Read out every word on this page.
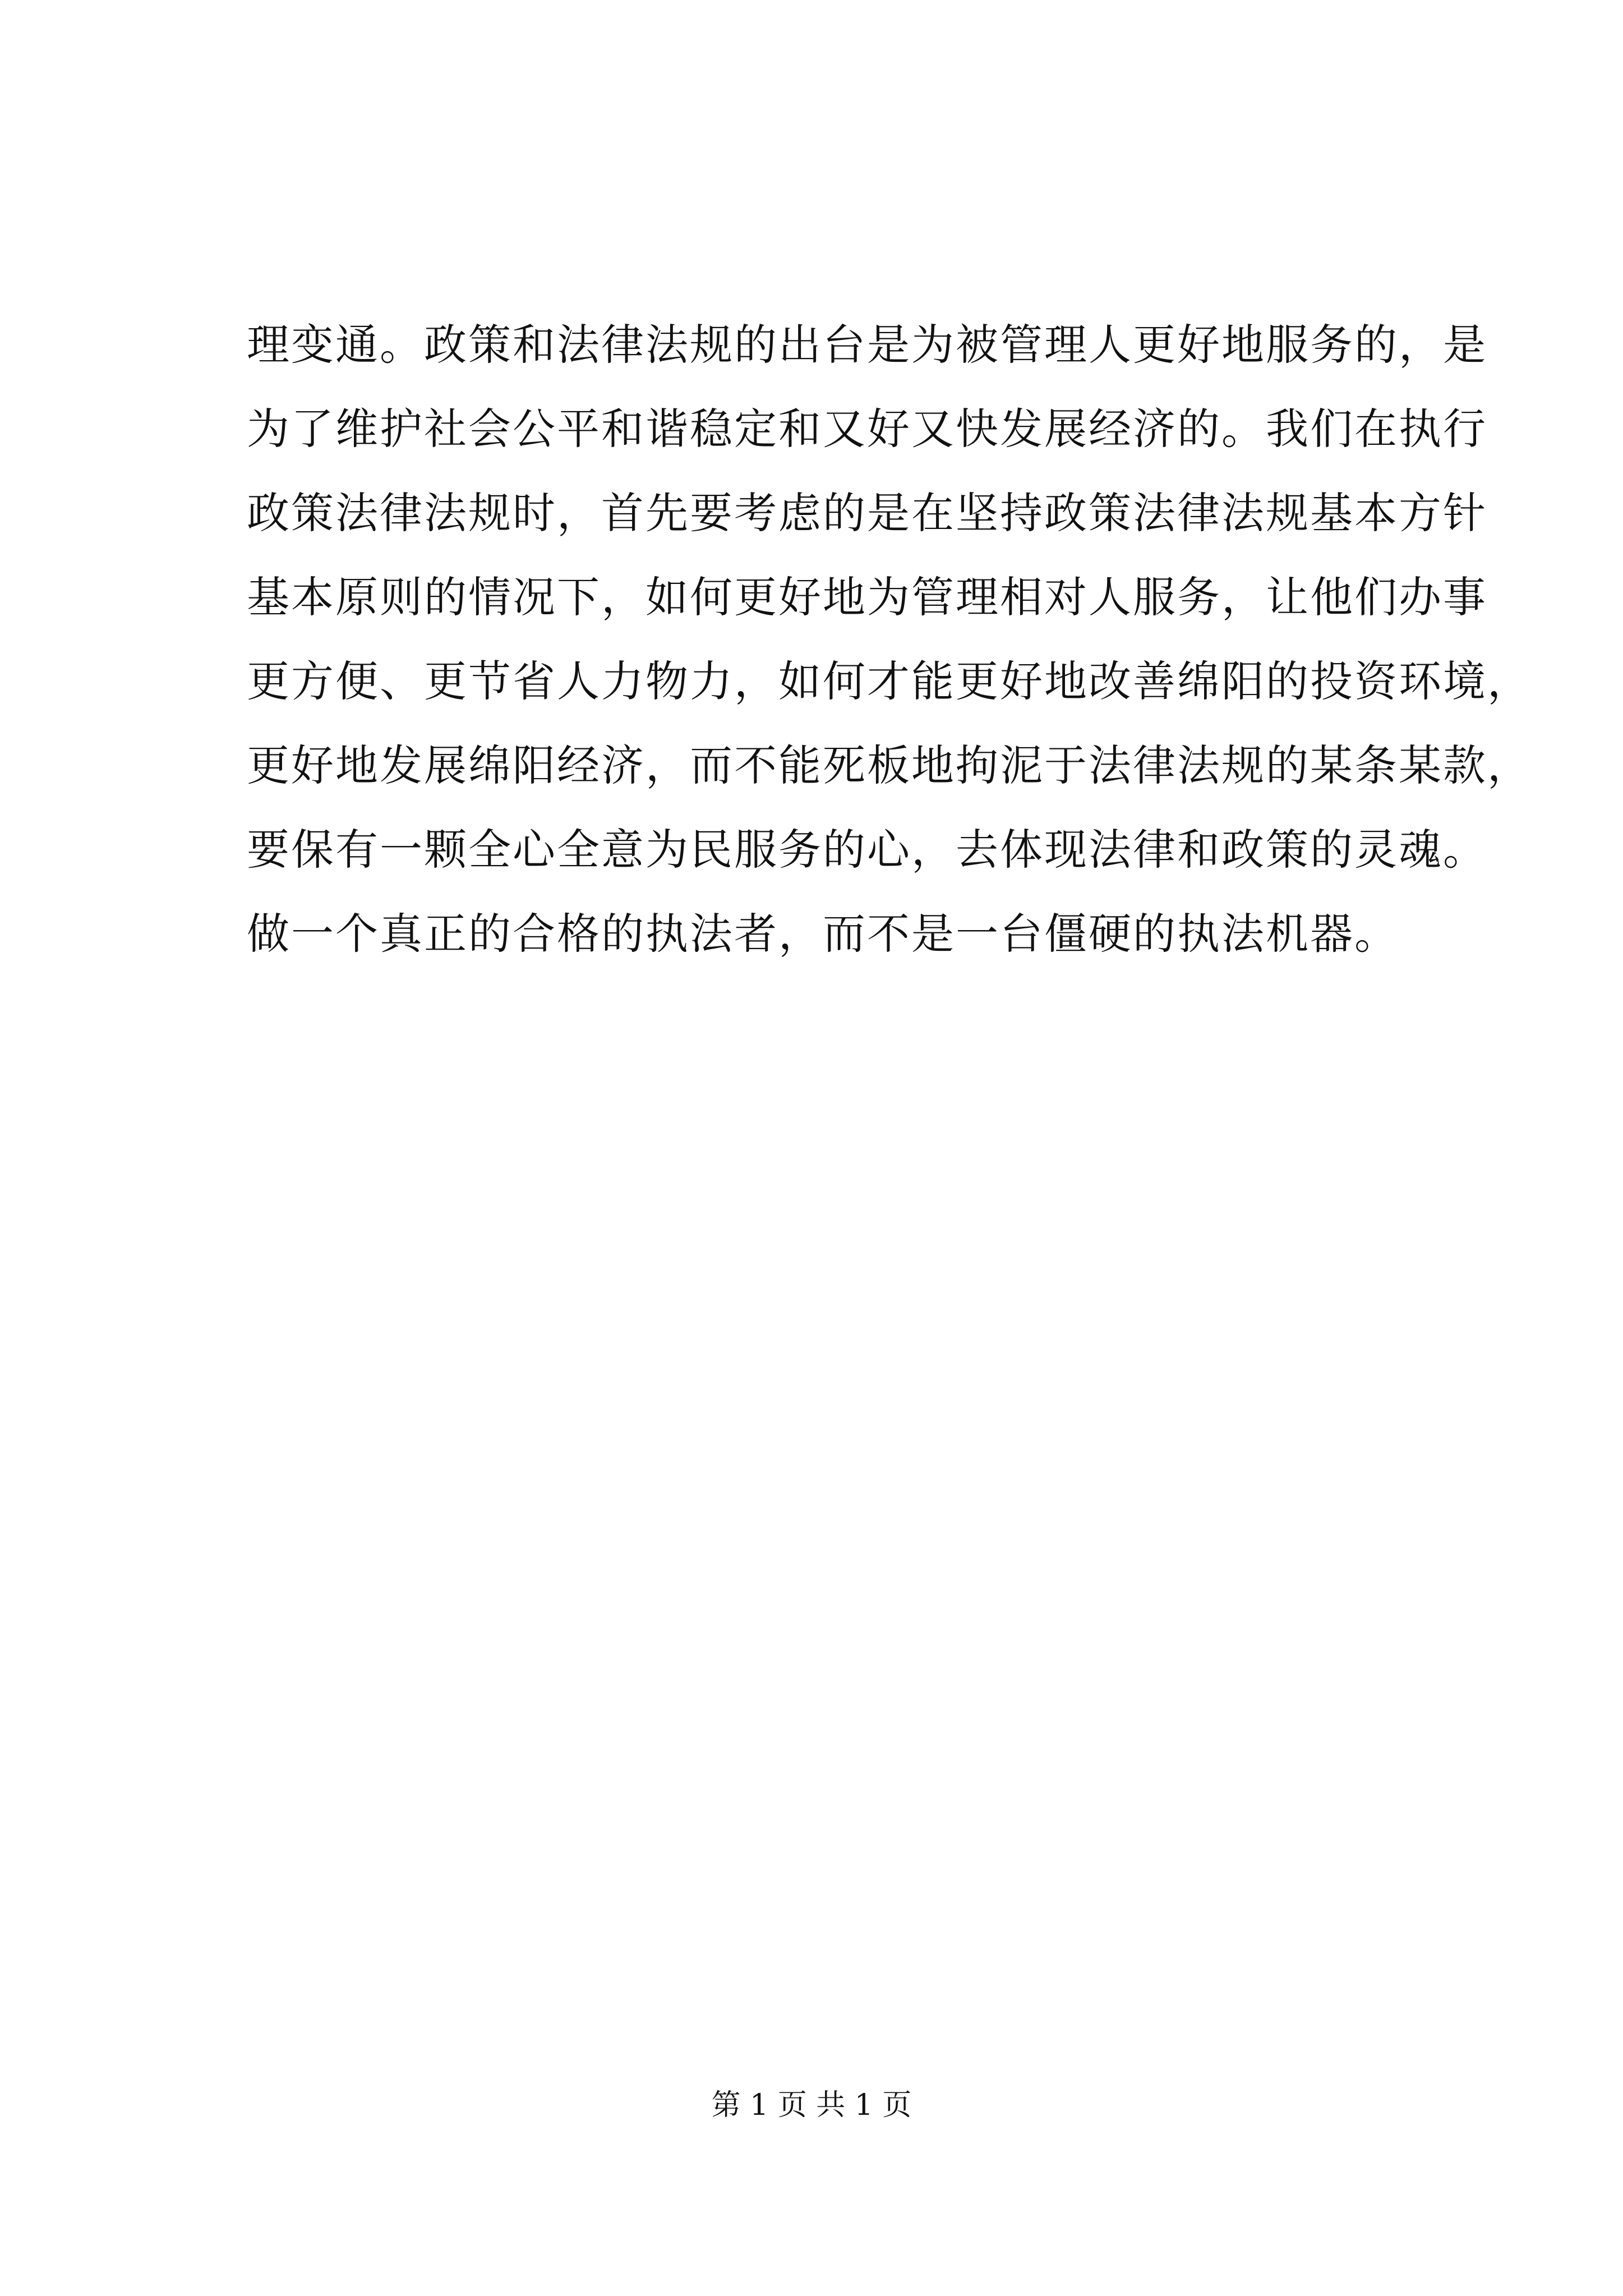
理变通。政策和法律法规的出台是为被管理人更好地服务的，是
为了维护社会公平和谐稳定和又好又快发展经济的。我们在执行
政策法律法规时，首先要考虑的是在坚持政策法律法规基本方针
基本原则的情况下，如何更好地为管理相对人服务，让他们办事
更方便、更节省人力物力，如何才能更好地改善绵阳的投资环境，
更好地发展绵阳经济，而不能死板地拘泥于法律法规的某条某款，
要保有一颗全心全意为民服务的心，去体现法律和政策的灵魂。
做一个真正的合格的执法者，而不是一台僵硬的执法机器。
第 1 页 共 1 页
